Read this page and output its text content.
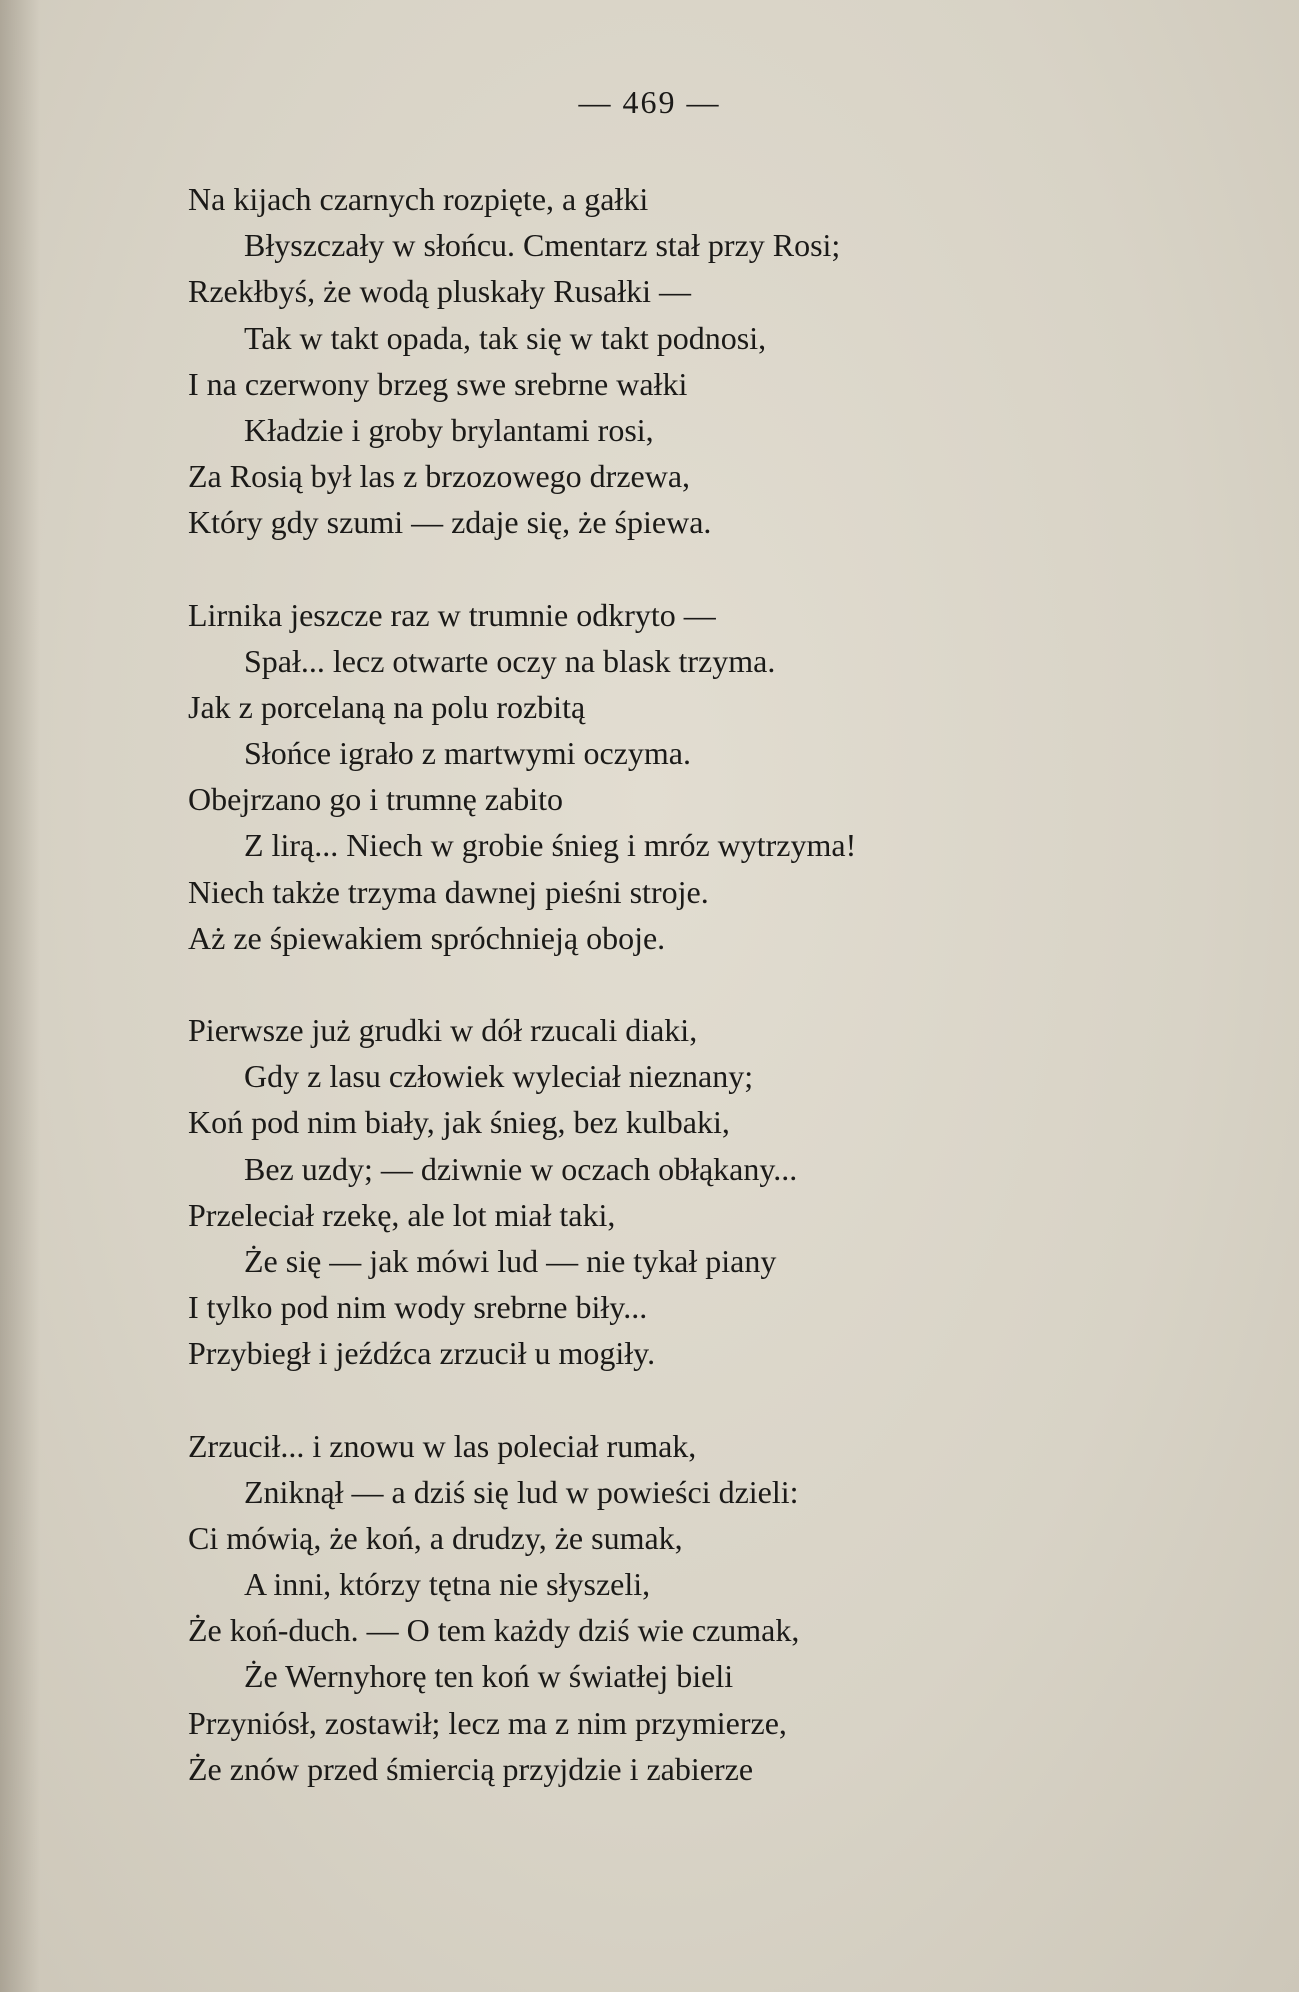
— 469 —
Na kijach czarnych rozpięte, a gałki
Błyszczały w słońcu. Cmentarz stał przy Rosi;
Rzekłbyś, że wodą pluskały Rusałki —
Tak w takt opada, tak się w takt podnosi,
I na czerwony brzeg swe srebrne wałki
Kładzie i groby brylantami rosi,
Za Rosią był las z brzozowego drzewa,
Który gdy szumi — zdaje się, że śpiewa.
Lirnika jeszcze raz w trumnie odkryto —
Spał... lecz otwarte oczy na blask trzyma.
Jak z porcelaną na polu rozbitą
Słońce igrało z martwymi oczyma.
Obejrzano go i trumnę zabito
Z lirą... Niech w grobie śnieg i mróz wytrzyma!
Niech także trzyma dawnej pieśni stroje.
Aż ze śpiewakiem spróchnieją oboje.
Pierwsze już grudki w dół rzucali diaki,
Gdy z lasu człowiek wyleciał nieznany;
Koń pod nim biały, jak śnieg, bez kulbaki,
Bez uzdy; — dziwnie w oczach obłąkany...
Przeleciał rzekę, ale lot miał taki,
Że się — jak mówi lud — nie tykał piany
I tylko pod nim wody srebrne biły...
Przybiegł i jeźdźca zrzucił u mogiły.
Zrzucił... i znowu w las poleciał rumak,
Zniknął — a dziś się lud w powieści dzieli:
Ci mówią, że koń, a drudzy, że sumak,
A inni, którzy tętna nie słyszeli,
Że koń-duch. — O tem każdy dziś wie czumak,
Że Wernyhorę ten koń w światłej bieli
Przyniósł, zostawił; lecz ma z nim przymierze,
Że znów przed śmiercią przyjdzie i zabierze
